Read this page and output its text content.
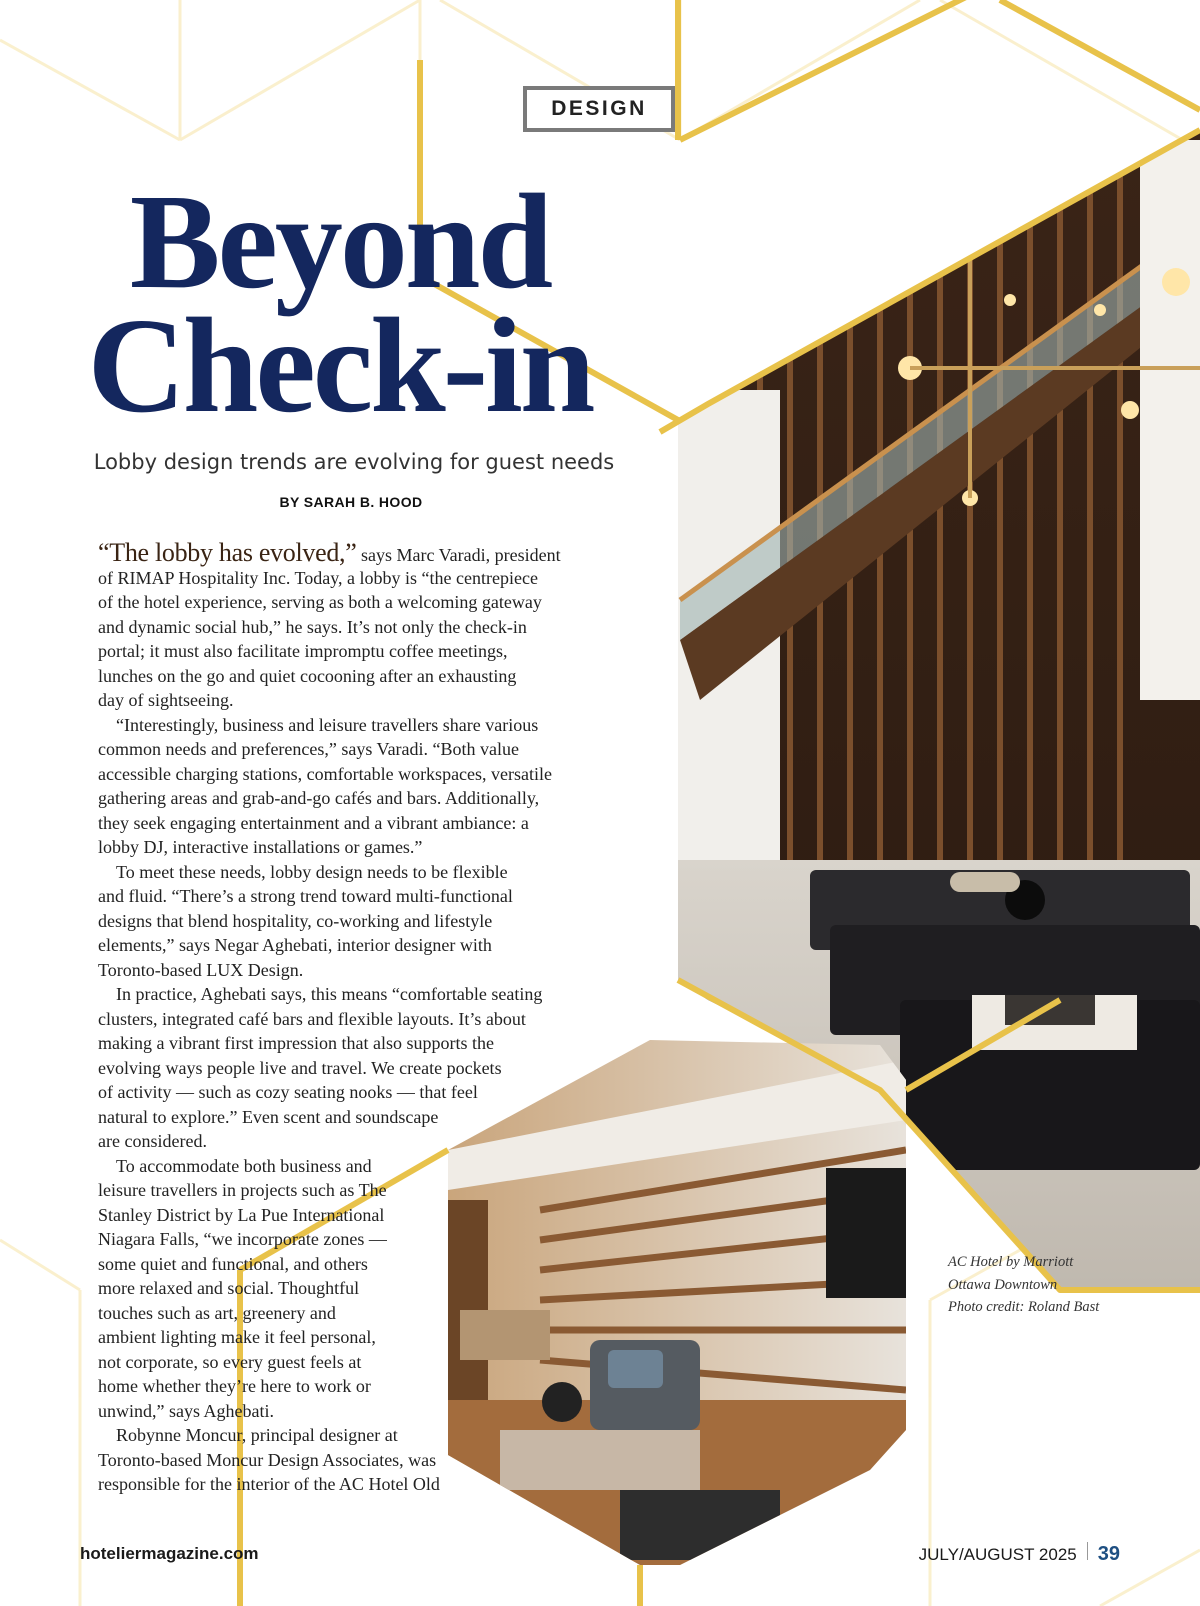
DESIGN
Beyond
Check-in
Lobby design trends are evolving for guest needs
BY SARAH B. HOOD
“The lobby has evolved,” says Marc Varadi, president
of RIMAP Hospitality Inc. Today, a lobby is “the centrepiece
of the hotel experience, serving as both a welcoming gateway
and dynamic social hub,” he says. It’s not only the check-in
portal; it must also facilitate impromptu coffee meetings,
lunches on the go and quiet cocooning after an exhausting
day of sightseeing.
“Interestingly, business and leisure travellers share various
common needs and preferences,” says Varadi. “Both value
accessible charging stations, comfortable workspaces, versatile
gathering areas and grab-and-go cafés and bars. Additionally,
they seek engaging entertainment and a vibrant ambiance: a
lobby DJ, interactive installations or games.”
To meet these needs, lobby design needs to be flexible
and fluid. “There’s a strong trend toward multi-functional
designs that blend hospitality, co-working and lifestyle
elements,” says Negar Aghebati, interior designer with
Toronto-based LUX Design.
In practice, Aghebati says, this means “comfortable seating
clusters, integrated café bars and flexible layouts. It’s about
making a vibrant first impression that also supports the
evolving ways people live and travel. We create pockets
of activity — such as cozy seating nooks — that feel
natural to explore.” Even scent and soundscape
are considered.
To accommodate both business and
leisure travellers in projects such as The
Stanley District by La Pue International
Niagara Falls, “we incorporate zones —
some quiet and functional, and others
more relaxed and social. Thoughtful
touches such as art, greenery and
ambient lighting make it feel personal,
not corporate, so every guest feels at
home whether they’re here to work or
unwind,” says Aghebati.
Robynne Moncur, principal designer at
Toronto-based Moncur Design Associates, was
responsible for the interior of the AC Hotel Old
AC Hotel by Marriott
Ottawa Downtown
Photo credit: Roland Bast
hoteliermagazine.com	JULY/AUGUST 2025 39
